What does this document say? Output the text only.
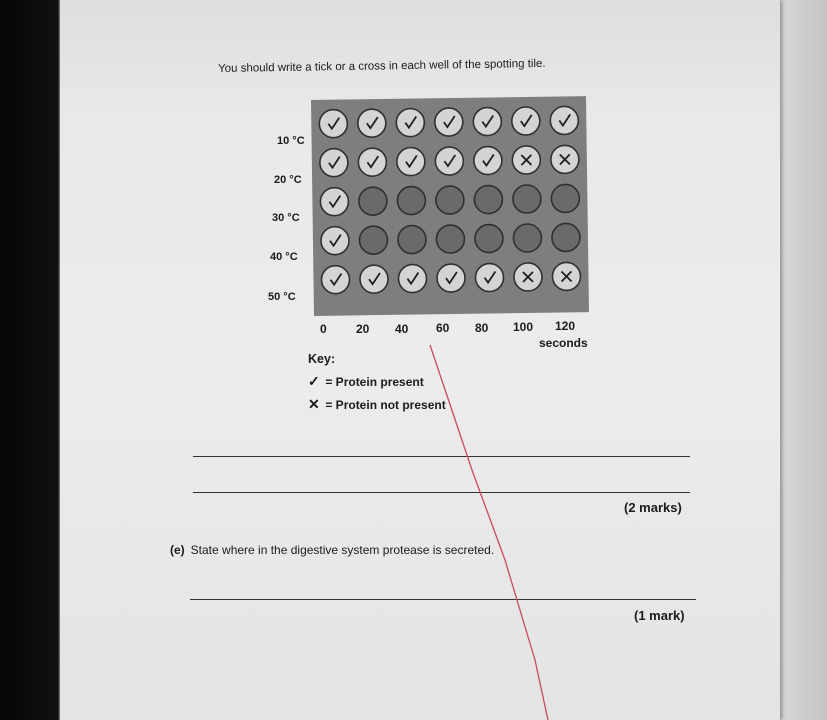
You should write a tick or a cross in each well of the spotting tile.
10 °C
20 °C
30 °C
40 °C
50 °C
0 20 40 60 80 100 120
seconds
Key:
✓ = Protein present
✕ = Protein not present
(2 marks)
(e) State where in the digestive system protease is secreted.
(1 mark)
